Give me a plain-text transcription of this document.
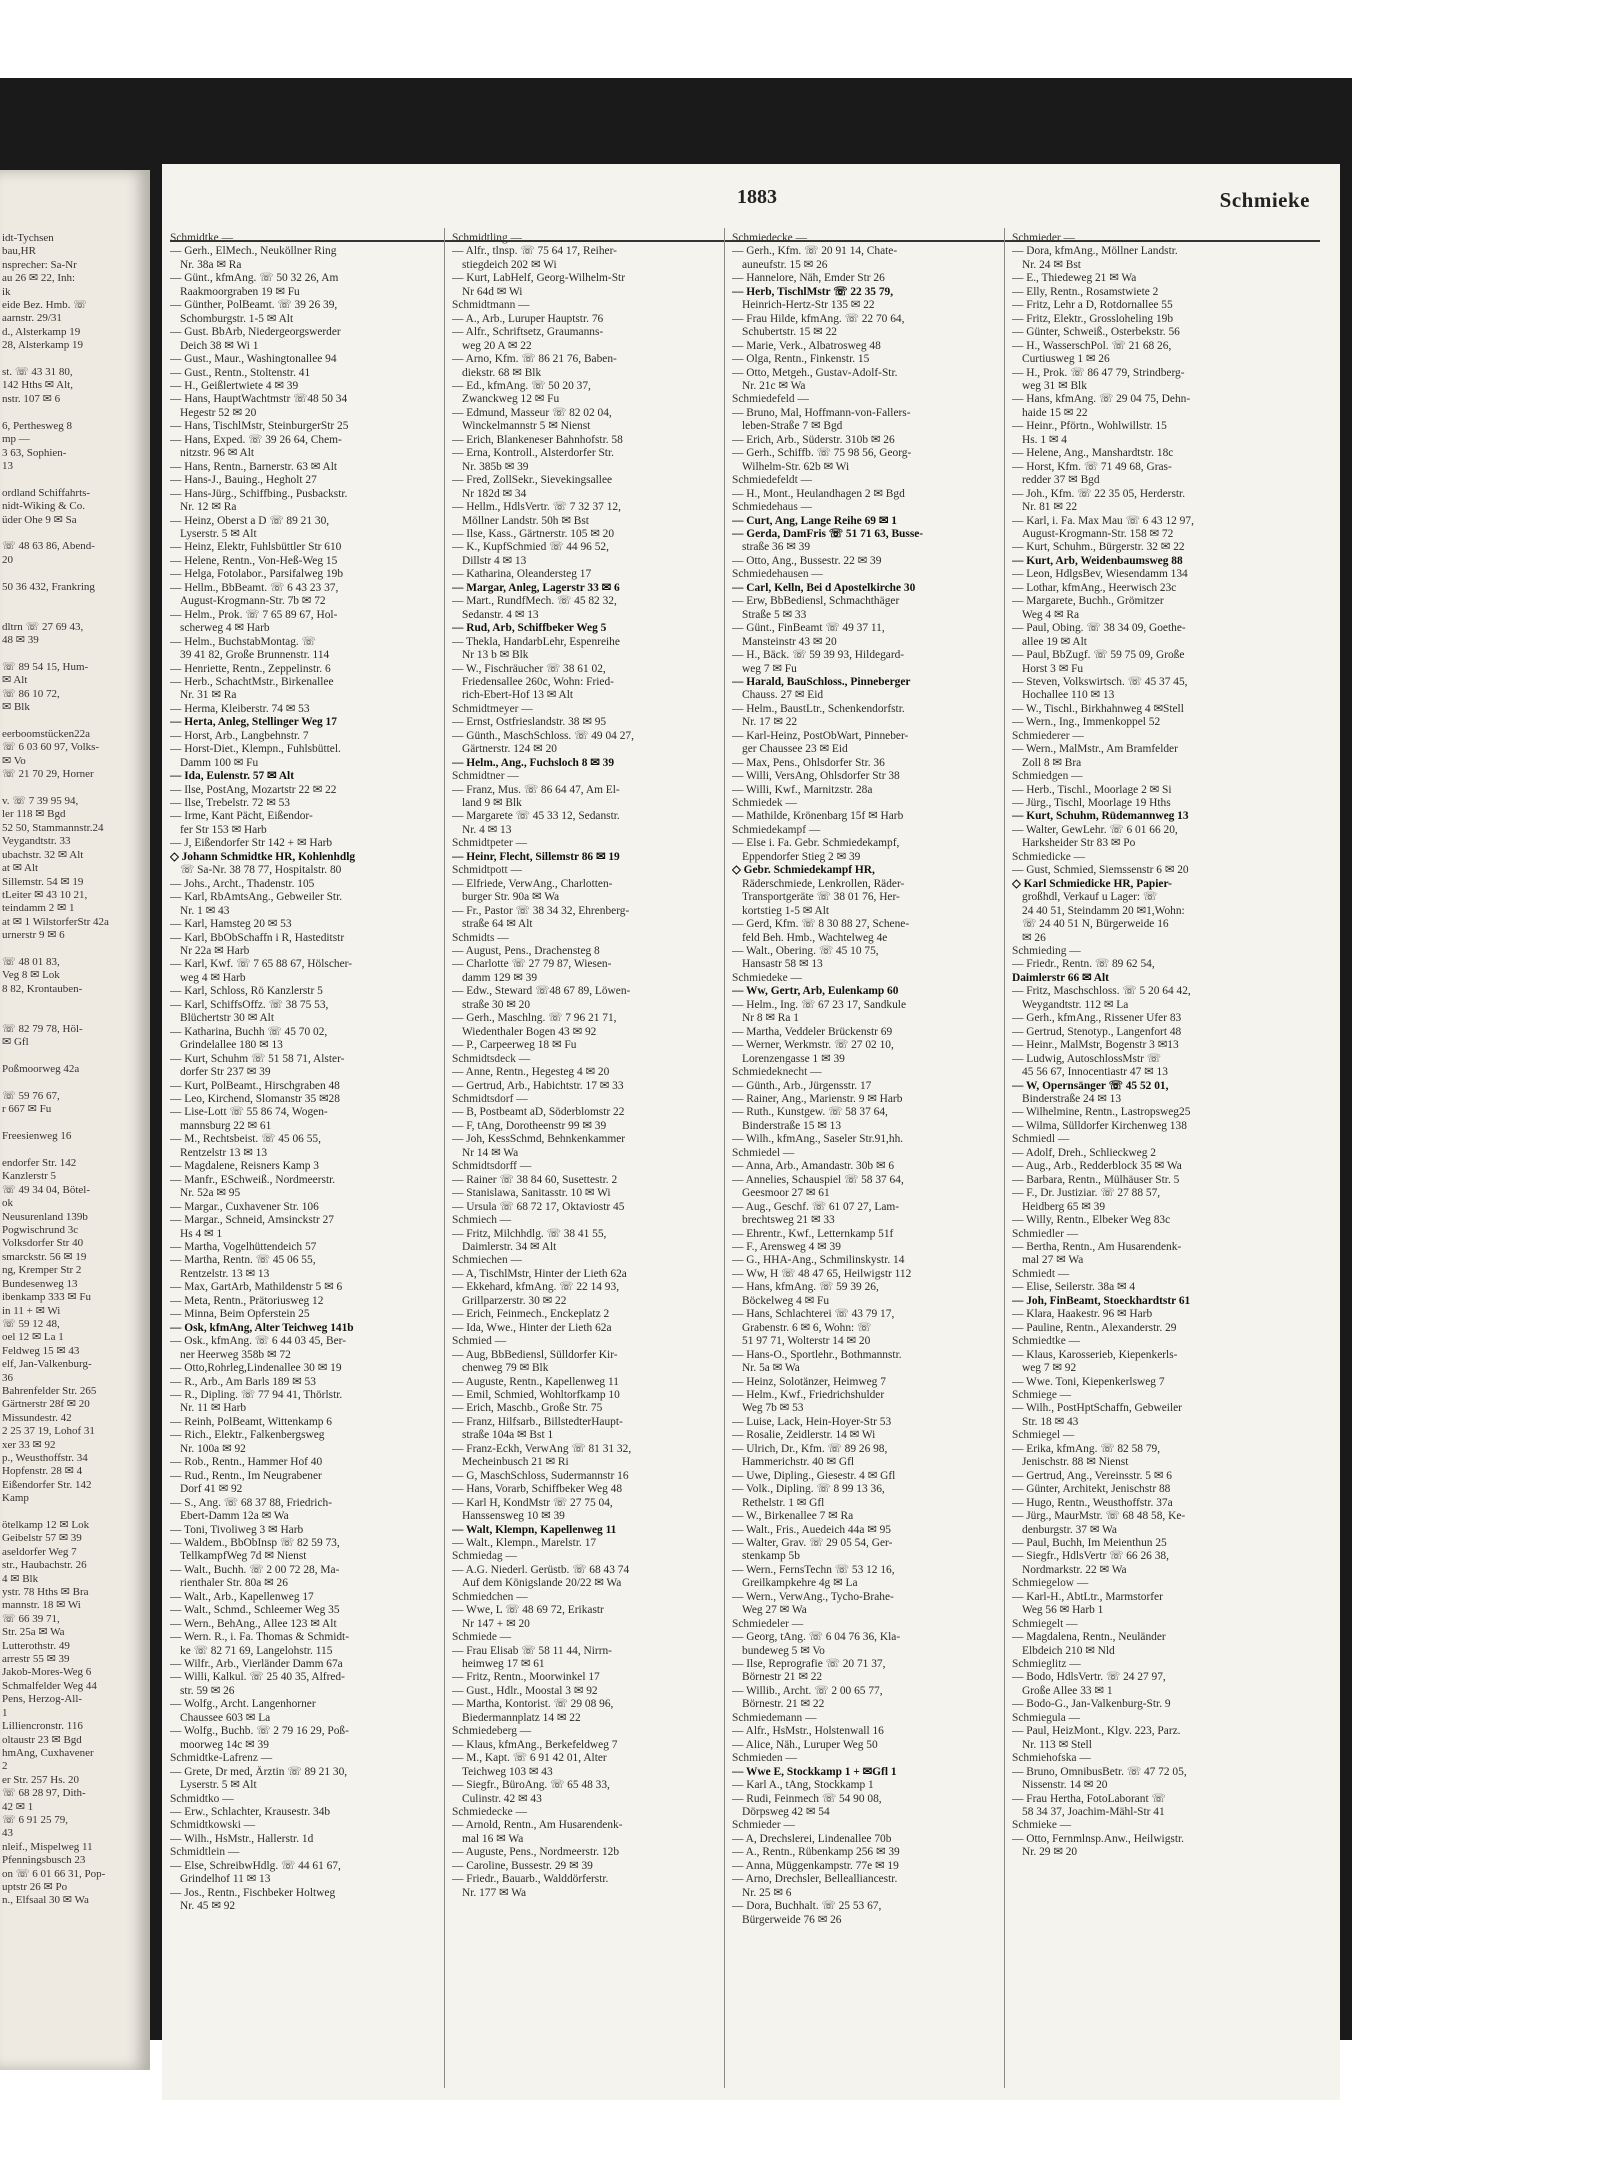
idt-Tychsen
bau,HR
nsprecher: Sa-Nr
au 26 ✉ 22, Inh:
ik
eide Bez. Hmb. ☏
aarnstr. 29/31
d., Alsterkamp 19
28, Alsterkamp 19

st. ☏ 43 31 80,
142 Hths ✉ Alt,
nstr. 107 ✉ 6

6, Perthesweg 8
mp —
3 63, Sophien-
13

ordland Schiffahrts-
nidt-Wiking & Co.
üder Ohe 9 ✉ Sa

☏ 48 63 86, Abend-
20

50 36 432, Frankring

dltrn ☏ 27 69 43,
48 ✉ 39

☏ 89 54 15, Hum-
✉ Alt
☏ 86 10 72,
✉ Blk

eerboomstücken22a
☏ 6 03 60 97, Volks-
✉ Vo
☏ 21 70 29, Horner

v. ☏ 7 39 95 94,
ler 118 ✉ Bgd
52 50, Stammannstr.24
Veygandtstr. 33
ubachstr. 32 ✉ Alt
at ✉ Alt
Sillemstr. 54 ✉ 19
tLeiter ✉ 43 10 21,
teindamm 2 ✉ 1
at ✉ 1 WilstorferStr 42a
urnerstr 9 ✉ 6

☏ 48 01 83,
Veg 8 ✉ Lok
8 82, Krontauben-

☏ 82 79 78, Höl-
✉ Gfl

Poßmoorweg 42a

☏ 59 76 67,
r 667 ✉ Fu

Freesienweg 16

endorfer Str. 142
Kanzlerstr 5
☏ 49 34 04, Bötel-
ok
Neusurenland 139b
Pogwischrund 3c
Volksdorfer Str 40
smarckstr. 56 ✉ 19
ng, Kremper Str 2
Bundesenweg 13
ibenkamp 333 ✉ Fu
in 11 + ✉ Wi
☏ 59 12 48,
oel 12 ✉ La 1
Feldweg 15 ✉ 43
elf, Jan-Valkenburg-
36
Bahrenfelder Str. 265
Gärtnerstr 28f ✉ 20
Missundestr. 42
2 25 37 19, Lohof 31
xer 33 ✉ 92
p., Weusthoffstr. 34
Hopfenstr. 28 ✉ 4
Eißendorfer Str. 142
Kamp

ötelkamp 12 ✉ Lok
Geibelstr 57 ✉ 39
aseldorfer Weg 7
str., Haubachstr. 26
4 ✉ Blk
ystr. 78 Hths ✉ Bra
mannstr. 18 ✉ Wi
☏ 66 39 71,
Str. 25a ✉ Wa
Lutterothstr. 49
arrestr 55 ✉ 39
Jakob-Mores-Weg 6
Schmalfelder Weg 44
Pens, Herzog-All-
1
Lilliencronstr. 116
oltaustr 23 ✉ Bgd
hmAng, Cuxhavener
2
er Str. 257 Hs. 20
☏ 68 28 97, Dith-
42 ✉ 1
☏ 6 91 25 79,
43
nleif., Mispelweg 11
Pfenningsbusch 23
on ☏ 6 01 66 31, Pop-
uptstr 26 ✉ Po
n., Elfsaal 30 ✉ Wa
1883	Schmieke
Schmidtke —
— Gerh., ElMech., Neuköllner Ring
Nr. 38a ✉ Ra
— Günt., kfmAng. ☏ 50 32 26, Am
Raakmoorgraben 19 ✉ Fu
— Günther, PolBeamt. ☏ 39 26 39,
Schomburgstr. 1-5 ✉ Alt
— Gust. BbArb, Niedergeorgswerder
Deich 38 ✉ Wi 1
— Gust., Maur., Washingtonallee 94
— Gust., Rentn., Stoltenstr. 41
— H., Geißlertwiete 4 ✉ 39
— Hans, HauptWachtmstr ☏48 50 34
Hegestr 52 ✉ 20
— Hans, TischlMstr, SteinburgerStr 25
— Hans, Exped. ☏ 39 26 64, Chem-
nitzstr. 96 ✉ Alt
— Hans, Rentn., Barnerstr. 63 ✉ Alt
— Hans-J., Bauing., Hegholt 27
— Hans-Jürg., Schiffbing., Pusbackstr.
Nr. 12 ✉ Ra
— Heinz, Oberst a D ☏ 89 21 30,
Lyserstr. 5 ✉ Alt
— Heinz, Elektr, Fuhlsbüttler Str 610
— Helene, Rentn., Von-Heß-Weg 15
— Helga, Fotolabor., Parsifalweg 19b
— Hellm., BbBeamt. ☏ 6 43 23 37,
August-Krogmann-Str. 7b ✉ 72
— Helm., Prok. ☏ 7 65 89 67, Hol-
scherweg 4 ✉ Harb
— Helm., BuchstabMontag. ☏
39 41 82, Große Brunnenstr. 114
— Henriette, Rentn., Zeppelinstr. 6
— Herb., SchachtMstr., Birkenallee
Nr. 31 ✉ Ra
— Herma, Kleiberstr. 74 ✉ 53
— Herta, Anleg, Stellinger Weg 17
— Horst, Arb., Langbehnstr. 7
— Horst-Diet., Klempn., Fuhlsbüttel.
Damm 100 ✉ Fu
— Ida, Eulenstr. 57 ✉ Alt
— Ilse, PostAng, Mozartstr 22 ✉ 22
— Ilse, Trebelstr. 72 ✉ 53
— Irme, Kant Pächt, Eißendor-
fer Str 153 ✉ Harb
— J, Eißendorfer Str 142 + ✉ Harb
◇ Johann Schmidtke HR, Kohlenhdlg
☏ Sa-Nr. 38 78 77, Hospitalstr. 80
— Johs., Archt., Thadenstr. 105
— Karl, RbAmtsAng., Gebweiler Str.
Nr. 1 ✉ 43
— Karl, Hamsteg 20 ✉ 53
— Karl, BbObSchaffn i R, Hasteditstr
Nr 22a ✉ Harb
— Karl, Kwf. ☏ 7 65 88 67, Hölscher-
weg 4 ✉ Harb
— Karl, Schloss, Rö Kanzlerstr 5
— Karl, SchiffsOffz. ☏ 38 75 53,
Blüchertstr 30 ✉ Alt
— Katharina, Buchh ☏ 45 70 02,
Grindelallee 180 ✉ 13
— Kurt, Schuhm ☏ 51 58 71, Alster-
dorfer Str 237 ✉ 39
— Kurt, PolBeamt., Hirschgraben 48
— Leo, Kirchend, Slomanstr 35 ✉28
— Lise-Lott ☏ 55 86 74, Wogen-
mannsburg 22 ✉ 61
— M., Rechtsbeist. ☏ 45 06 55,
Rentzelstr 13 ✉ 13
— Magdalene, Reisners Kamp 3
— Manfr., ESchweiß., Nordmeerstr.
Nr. 52a ✉ 95
— Margar., Cuxhavener Str. 106
— Margar., Schneid, Amsinckstr 27
Hs 4 ✉ 1
— Martha, Vogelhüttendeich 57
— Martha, Rentn. ☏ 45 06 55,
Rentzelstr. 13 ✉ 13
— Max, GartArb, Mathildenstr 5 ✉ 6
— Meta, Rentn., Prätoriusweg 12
— Minna, Beim Opferstein 25
— Osk, kfmAng, Alter Teichweg 141b
— Osk., kfmAng. ☏ 6 44 03 45, Ber-
ner Heerweg 358b ✉ 72
— Otto,Rohrleg,Lindenallee 30 ✉ 19
— R., Arb., Am Barls 189 ✉ 53
— R., Dipling. ☏ 77 94 41, Thörlstr.
Nr. 11 ✉ Harb
— Reinh, PolBeamt, Wittenkamp 6
— Rich., Elektr., Falkenbergsweg
Nr. 100a ✉ 92
— Rob., Rentn., Hammer Hof 40
— Rud., Rentn., Im Neugrabener
Dorf 41 ✉ 92
— S., Ang. ☏ 68 37 88, Friedrich-
Ebert-Damm 12a ✉ Wa
— Toni, Tivoliweg 3 ✉ Harb
— Waldem., BbObInsp ☏ 82 59 73,
TellkampfWeg 7d ✉ Nienst
— Walt., Buchh. ☏ 2 00 72 28, Ma-
rienthaler Str. 80a ✉ 26
— Walt., Arb., Kapellenweg 17
— Walt., Schmd., Schleemer Weg 35
— Wern., BehAng., Allee 123 ✉ Alt
— Wern. R., i. Fa. Thomas & Schmidt-
ke ☏ 82 71 69, Langelohstr. 115
— Wilfr., Arb., Vierländer Damm 67a
— Willi, Kalkul. ☏ 25 40 35, Alfred-
str. 59 ✉ 26
— Wolfg., Archt. Langenhorner
Chaussee 603 ✉ La
— Wolfg., Buchb. ☏ 2 79 16 29, Poß-
moorweg 14c ✉ 39
Schmidtke-Lafrenz —
— Grete, Dr med, Ärztin ☏ 89 21 30,
Lyserstr. 5 ✉ Alt
Schmidtko —
— Erw., Schlachter, Krausestr. 34b
Schmidtkowski —
— Wilh., HsMstr., Hallerstr. 1d
Schmidtlein —
— Else, SchreibwHdlg. ☏ 44 61 67,
Grindelhof 11 ✉ 13
— Jos., Rentn., Fischbeker Holtweg
Nr. 45 ✉ 92
Schmidtling —
— Alfr., tlnsp. ☏ 75 64 17, Reiher-
stiegdeich 202 ✉ Wi
— Kurt, LabHelf, Georg-Wilhelm-Str
Nr 64d ✉ Wi
Schmidtmann —
— A., Arb., Luruper Hauptstr. 76
— Alfr., Schriftsetz, Graumanns-
weg 20 A ✉ 22
— Arno, Kfm. ☏ 86 21 76, Baben-
diekstr. 68 ✉ Blk
— Ed., kfmAng. ☏ 50 20 37,
Zwanckweg 12 ✉ Fu
— Edmund, Masseur ☏ 82 02 04,
Winckelmannstr 5 ✉ Nienst
— Erich, Blankeneser Bahnhofstr. 58
— Erna, Kontroll., Alsterdorfer Str.
Nr. 385b ✉ 39
— Fred, ZollSekr., Sievekingsallee
Nr 182d ✉ 34
— Hellm., HdlsVertr. ☏ 7 32 37 12,
Möllner Landstr. 50h ✉ Bst
— Ilse, Kass., Gärtnerstr. 105 ✉ 20
— K., KupfSchmied ☏ 44 96 52,
Dillstr 4 ✉ 13
— Katharina, Oleandersteg 17
— Margar, Anleg, Lagerstr 33 ✉ 6
— Mart., RundfMech. ☏ 45 82 32,
Sedanstr. 4 ✉ 13
— Rud, Arb, Schiffbeker Weg 5
— Thekla, HandarbLehr, Espenreihe
Nr 13 b ✉ Blk
— W., Fischräucher ☏ 38 61 02,
Friedensallee 260c, Wohn: Fried-
rich-Ebert-Hof 13 ✉ Alt
Schmidtmeyer —
— Ernst, Ostfrieslandstr. 38 ✉ 95
— Günth., MaschSchloss. ☏ 49 04 27,
Gärtnerstr. 124 ✉ 20
— Helm., Ang., Fuchsloch 8 ✉ 39
Schmidtner —
— Franz, Mus. ☏ 86 64 47, Am El-
land 9 ✉ Blk
— Margarete ☏ 45 33 12, Sedanstr.
Nr. 4 ✉ 13
Schmidtpeter —
— Heinr, Flecht, Sillemstr 86 ✉ 19
Schmidtpott —
— Elfriede, VerwAng., Charlotten-
burger Str. 90a ✉ Wa
— Fr., Pastor ☏ 38 34 32, Ehrenberg-
straße 64 ✉ Alt
Schmidts —
— August, Pens., Drachensteg 8
— Charlotte ☏ 27 79 87, Wiesen-
damm 129 ✉ 39
— Edw., Steward ☏48 67 89, Löwen-
straße 30 ✉ 20
— Gerh., Maschlng. ☏ 7 96 21 71,
Wiedenthaler Bogen 43 ✉ 92
— P., Carpeerweg 18 ✉ Fu
Schmidtsdeck —
— Anne, Rentn., Hegesteg 4 ✉ 20
— Gertrud, Arb., Habichtstr. 17 ✉ 33
Schmidtsdorf —
— B, Postbeamt aD, Söderblomstr 22
— F, tAng, Dorotheenstr 99 ✉ 39
— Joh, KessSchmd, Behnkenkammer
Nr 14 ✉ Wa
Schmidtsdorff —
— Rainer ☏ 38 84 60, Susettestr. 2
— Stanislawa, Sanitasstr. 10 ✉ Wi
— Ursula ☏ 68 72 17, Oktaviostr 45
Schmiech —
— Fritz, Milchhdlg. ☏ 38 41 55,
Daimlerstr. 34 ✉ Alt
Schmiechen —
— A, TischlMstr, Hinter der Lieth 62a
— Ekkehard, kfmAng. ☏ 22 14 93,
Grillparzerstr. 30 ✉ 22
— Erich, Feinmech., Enckeplatz 2
— Ida, Wwe., Hinter der Lieth 62a
Schmied —
— Aug, BbBediensl, Sülldorfer Kir-
chenweg 79 ✉ Blk
— Auguste, Rentn., Kapellenweg 11
— Emil, Schmied, Wohltorfkamp 10
— Erich, Maschb., Große Str. 75
— Franz, Hilfsarb., BillstedterHaupt-
straße 104a ✉ Bst 1
— Franz-Eckh, VerwAng ☏ 81 31 32,
Mecheinbusch 21 ✉ Ri
— G, MaschSchloss, Sudermannstr 16
— Hans, Vorarb, Schiffbeker Weg 48
— Karl H, KondMstr ☏ 27 75 04,
Hanssensweg 10 ✉ 39
— Walt, Klempn, Kapellenweg 11
— Walt., Klempn., Marelstr. 17
Schmiedag —
— A.G. Niederl. Gerüstb. ☏ 68 43 74
Auf dem Königslande 20/22 ✉ Wa
Schmiedchen —
— Wwe, L ☏ 48 69 72, Erikastr
Nr 147 + ✉ 20
Schmiede —
— Frau Elisab ☏ 58 11 44, Nirrn-
heimweg 17 ✉ 61
— Fritz, Rentn., Moorwinkel 17
— Gust., Hdlr., Moostal 3 ✉ 92
— Martha, Kontorist. ☏ 29 08 96,
Biedermannplatz 14 ✉ 22
Schmiedeberg —
— Klaus, kfmAng., Berkefeldweg 7
— M., Kapt. ☏ 6 91 42 01, Alter
Teichweg 103 ✉ 43
— Siegfr., BüroAng. ☏ 65 48 33,
Culinstr. 42 ✉ 43
Schmiedecke —
— Arnold, Rentn., Am Husarendenk-
mal 16 ✉ Wa
— Auguste, Pens., Nordmeerstr. 12b
— Caroline, Bussestr. 29 ✉ 39
— Friedr., Bauarb., Walddörferstr.
Nr. 177 ✉ Wa
Schmiedecke —
— Gerh., Kfm. ☏ 20 91 14, Chate-
auneufstr. 15 ✉ 26
— Hannelore, Näh, Emder Str 26
— Herb, TischlMstr ☏ 22 35 79,
Heinrich-Hertz-Str 135 ✉ 22
— Frau Hilde, kfmAng. ☏ 22 70 64,
Schubertstr. 15 ✉ 22
— Marie, Verk., Albatrosweg 48
— Olga, Rentn., Finkenstr. 15
— Otto, Metgeh., Gustav-Adolf-Str.
Nr. 21c ✉ Wa
Schmiedefeld —
— Bruno, Mal, Hoffmann-von-Fallers-
leben-Straße 7 ✉ Bgd
— Erich, Arb., Süderstr. 310b ✉ 26
— Gerh., Schiffb. ☏ 75 98 56, Georg-
Wilhelm-Str. 62b ✉ Wi
Schmiedefeldt —
— H., Mont., Heulandhagen 2 ✉ Bgd
Schmiedehaus —
— Curt, Ang, Lange Reihe 69 ✉ 1
— Gerda, DamFris ☏ 51 71 63, Busse-
straße 36 ✉ 39
— Otto, Ang., Bussestr. 22 ✉ 39
Schmiedehausen —
— Carl, Kelln, Bei d Apostelkirche 30
— Erw, BbBediensl, Schmachthäger
Straße 5 ✉ 33
— Günt., FinBeamt ☏ 49 37 11,
Mansteinstr 43 ✉ 20
— H., Bäck. ☏ 59 39 93, Hildegard-
weg 7 ✉ Fu
— Harald, BauSchloss., Pinneberger
Chauss. 27 ✉ Eid
— Helm., BaustLtr., Schenkendorfstr.
Nr. 17 ✉ 22
— Karl-Heinz, PostObWart, Pinneber-
ger Chaussee 23 ✉ Eid
— Max, Pens., Ohlsdorfer Str. 36
— Willi, VersAng, Ohlsdorfer Str 38
— Willi, Kwf., Marnitzstr. 28a
Schmiedek —
— Mathilde, Krönenbarg 15f ✉ Harb
Schmiedekampf —
— Else i. Fa. Gebr. Schmiedekampf,
Eppendorfer Stieg 2 ✉ 39
◇ Gebr. Schmiedekampf HR,
Räderschmiede, Lenkrollen, Räder-
Transportgeräte ☏ 38 01 76, Her-
kortstieg 1-5 ✉ Alt
— Gerd, Kfm. ☏ 8 30 88 27, Schene-
feld Beh. Hmb., Wachtelweg 4e
— Walt., Obering. ☏ 45 10 75,
Hansastr 58 ✉ 13
Schmiedeke —
— Ww, Gertr, Arb, Eulenkamp 60
— Helm., Ing. ☏ 67 23 17, Sandkule
Nr 8 ✉ Ra 1
— Martha, Veddeler Brückenstr 69
— Werner, Werkmstr. ☏ 27 02 10,
Lorenzengasse 1 ✉ 39
Schmiedeknecht —
— Günth., Arb., Jürgensstr. 17
— Rainer, Ang., Marienstr. 9 ✉ Harb
— Ruth., Kunstgew. ☏ 58 37 64,
Binderstraße 15 ✉ 13
— Wilh., kfmAng., Saseler Str.91,hh.
Schmiedel —
— Anna, Arb., Amandastr. 30b ✉ 6
— Annelies, Schauspiel ☏ 58 37 64,
Geesmoor 27 ✉ 61
— Aug., Geschf. ☏ 61 07 27, Lam-
brechtsweg 21 ✉ 33
— Ehrentr., Kwf., Letternkamp 51f
— F., Arensweg 4 ✉ 39
— G., HHA-Ang., Schmilinskystr. 14
— Ww, H ☏ 48 47 65, Heilwigstr 112
— Hans, kfmAng. ☏ 59 39 26,
Böckelweg 4 ✉ Fu
— Hans, Schlachterei ☏ 43 79 17,
Grabenstr. 6 ✉ 6, Wohn: ☏
51 97 71, Wolterstr 14 ✉ 20
— Hans-O., Sportlehr., Bothmannstr.
Nr. 5a ✉ Wa
— Heinz, Solotänzer, Heimweg 7
— Helm., Kwf., Friedrichshulder
Weg 7b ✉ 53
— Luise, Lack, Hein-Hoyer-Str 53
— Rosalie, Zeidlerstr. 14 ✉ Wi
— Ulrich, Dr., Kfm. ☏ 89 26 98,
Hammerichstr. 40 ✉ Gfl
— Uwe, Dipling., Giesestr. 4 ✉ Gfl
— Volk., Dipling. ☏ 8 99 13 36,
Rethelstr. 1 ✉ Gfl
— W., Birkenallee 7 ✉ Ra
— Walt., Fris., Auedeich 44a ✉ 95
— Walter, Grav. ☏ 29 05 54, Ger-
stenkamp 5b
— Wern., FernsTechn ☏ 53 12 16,
Greilkampkehre 4g ✉ La
— Wern., VerwAng., Tycho-Brahe-
Weg 27 ✉ Wa
Schmiedeler —
— Georg, tAng. ☏ 6 04 76 36, Kla-
bundeweg 5 ✉ Vo
— Ilse, Reprografie ☏ 20 71 37,
Börnestr 21 ✉ 22
— Willib., Archt. ☏ 2 00 65 77,
Börnestr. 21 ✉ 22
Schmiedemann —
— Alfr., HsMstr., Holstenwall 16
— Alice, Näh., Luruper Weg 50
Schmieden —
— Wwe E, Stockkamp 1 + ✉Gfl 1
— Karl A., tAng, Stockkamp 1
— Rudi, Feinmech ☏ 54 90 08,
Dörpsweg 42 ✉ 54
Schmieder —
— A, Drechslerei, Lindenallee 70b
— A., Rentn., Rübenkamp 256 ✉ 39
— Anna, Müggenkampstr. 77e ✉ 19
— Arno, Drechsler, Bellealliancestr.
Nr. 25 ✉ 6
— Dora, Buchhalt. ☏ 25 53 67,
Bürgerweide 76 ✉ 26
Schmieder —
— Dora, kfmAng., Möllner Landstr.
Nr. 24 ✉ Bst
— E., Thiedeweg 21 ✉ Wa
— Elly, Rentn., Rosamstwiete 2
— Fritz, Lehr a D, Rotdornallee 55
— Fritz, Elektr., Grossloheling 19b
— Günter, Schweiß., Osterbekstr. 56
— H., WasserschPol. ☏ 21 68 26,
Curtiusweg 1 ✉ 26
— H., Prok. ☏ 86 47 79, Strindberg-
weg 31 ✉ Blk
— Hans, kfmAng. ☏ 29 04 75, Dehn-
haide 15 ✉ 22
— Heinr., Pförtn., Wohlwillstr. 15
Hs. 1 ✉ 4
— Helene, Ang., Manshardtstr. 18c
— Horst, Kfm. ☏ 71 49 68, Gras-
redder 37 ✉ Bgd
— Joh., Kfm. ☏ 22 35 05, Herderstr.
Nr. 81 ✉ 22
— Karl, i. Fa. Max Mau ☏ 6 43 12 97,
August-Krogmann-Str. 158 ✉ 72
— Kurt, Schuhm., Bürgerstr. 32 ✉ 22
— Kurt, Arb, Weidenbaumsweg 88
— Leon, HdlgsBev, Wiesendamm 134
— Lothar, kfmAng., Heerwisch 23c
— Margarete, Buchh., Grömitzer
Weg 4 ✉ Ra
— Paul, Obing. ☏ 38 34 09, Goethe-
allee 19 ✉ Alt
— Paul, BbZugf. ☏ 59 75 09, Große
Horst 3 ✉ Fu
— Steven, Volkswirtsch. ☏ 45 37 45,
Hochallee 110 ✉ 13
— W., Tischl., Birkhahnweg 4 ✉Stell
— Wern., Ing., Immenkoppel 52
Schmiederer —
— Wern., MalMstr., Am Bramfelder
Zoll 8 ✉ Bra
Schmiedgen —
— Herb., Tischl., Moorlage 2 ✉ Si
— Jürg., Tischl, Moorlage 19 Hths
— Kurt, Schuhm, Rüdemannweg 13
— Walter, GewLehr. ☏ 6 01 66 20,
Harksheider Str 83 ✉ Po
Schmiedicke —
— Gust, Schmied, Siemssenstr 6 ✉ 20
◇ Karl Schmiedicke HR, Papier-
großhdl, Verkauf u Lager: ☏
24 40 51, Steindamm 20 ✉1,Wohn:
☏ 24 40 51 N, Bürgerweide 16
✉ 26
Schmieding —
— Friedr., Rentn. ☏ 89 62 54,
Daimlerstr 66 ✉ Alt
— Fritz, Maschschloss. ☏ 5 20 64 42,
Weygandtstr. 112 ✉ La
— Gerh., kfmAng., Rissener Ufer 83
— Gertrud, Stenotyp., Langenfort 48
— Heinr., MalMstr, Bogenstr 3 ✉13
— Ludwig, AutoschlossMstr ☏
45 56 67, Innocentiastr 47 ✉ 13
— W, Opernsänger ☏ 45 52 01,
Binderstraße 24 ✉ 13
— Wilhelmine, Rentn., Lastropsweg25
— Wilma, Sülldorfer Kirchenweg 138
Schmiedl —
— Adolf, Dreh., Schlieckweg 2
— Aug., Arb., Redderblock 35 ✉ Wa
— Barbara, Rentn., Mülhäuser Str. 5
— F., Dr. Justiziar. ☏ 27 88 57,
Heidberg 65 ✉ 39
— Willy, Rentn., Elbeker Weg 83c
Schmiedler —
— Bertha, Rentn., Am Husarendenk-
mal 27 ✉ Wa
Schmiedt —
— Elise, Seilerstr. 38a ✉ 4
— Joh, FinBeamt, Stoeckhardtstr 61
— Klara, Haakestr. 96 ✉ Harb
— Pauline, Rentn., Alexanderstr. 29
Schmiedtke —
— Klaus, Karosserieb, Kiepenkerls-
weg 7 ✉ 92
— Wwe. Toni, Kiepenkerlsweg 7
Schmiege —
— Wilh., PostHptSchaffn, Gebweiler
Str. 18 ✉ 43
Schmiegel —
— Erika, kfmAng. ☏ 82 58 79,
Jenischstr. 88 ✉ Nienst
— Gertrud, Ang., Vereinsstr. 5 ✉ 6
— Günter, Architekt, Jenischstr 88
— Hugo, Rentn., Weusthoffstr. 37a
— Jürg., MaurMstr. ☏ 68 48 58, Ke-
denburgstr. 37 ✉ Wa
— Paul, Buchh, Im Meienthun 25
— Siegfr., HdlsVertr ☏ 66 26 38,
Nordmarkstr. 22 ✉ Wa
Schmiegelow —
— Karl-H., AbtLtr., Marmstorfer
Weg 56 ✉ Harb 1
Schmiegelt —
— Magdalena, Rentn., Neuländer
Elbdeich 210 ✉ Nld
Schmieglitz —
— Bodo, HdlsVertr. ☏ 24 27 97,
Große Allee 33 ✉ 1
— Bodo-G., Jan-Valkenburg-Str. 9
Schmiegula —
— Paul, HeizMont., Klgv. 223, Parz.
Nr. 113 ✉ Stell
Schmiehofska —
— Bruno, OmnibusBetr. ☏ 47 72 05,
Nissenstr. 14 ✉ 20
— Frau Hertha, FotoLaborant ☏
58 34 37, Joachim-Mähl-Str 41
Schmieke —
— Otto, Fernmlnsp.Anw., Heilwigstr.
Nr. 29 ✉ 20
